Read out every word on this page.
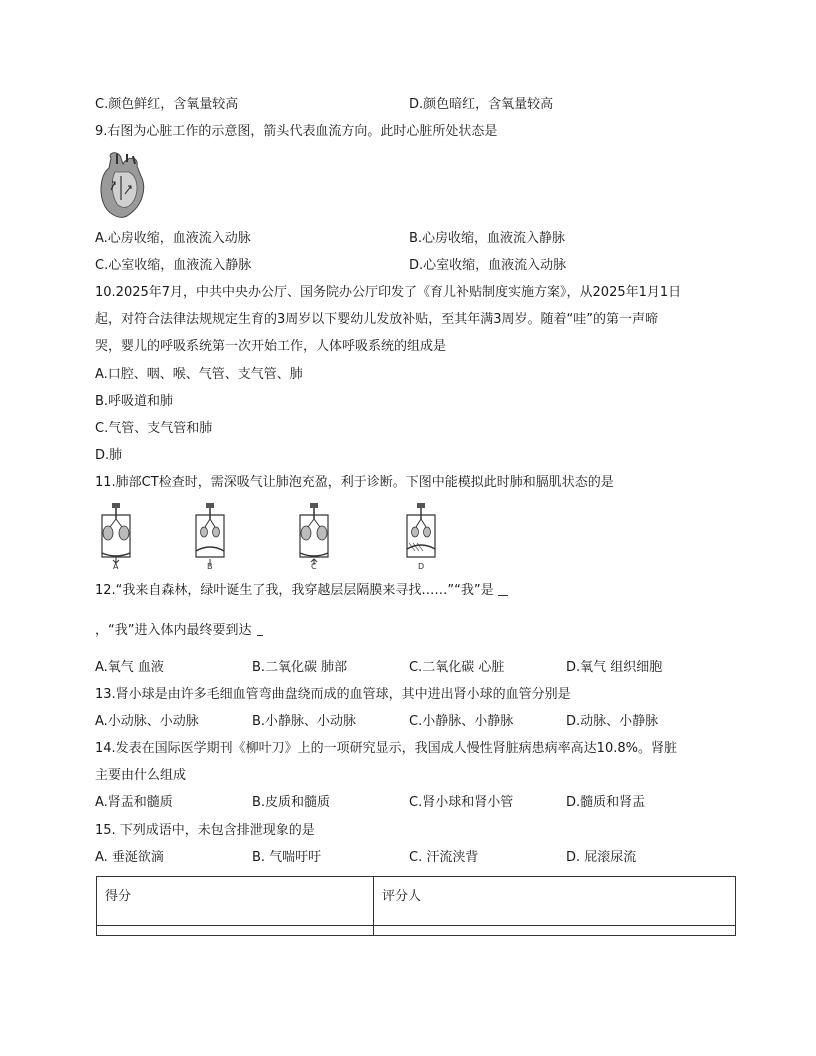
C.颜色鲜红，含氧量较高	D.颜色暗红，含氧量较高
9.右图为心脏工作的示意图，箭头代表血流方向。此时心脏所处状态是
A.心房收缩，血液流入动脉	B.心房收缩，血液流入静脉
C.心室收缩，血液流入静脉	D.心室收缩，血液流入动脉
10.2025年7月，中共中央办公厅、国务院办公厅印发了《育儿补贴制度实施方案》，从2025年1月1日
起，对符合法律法规规定生育的3周岁以下婴幼儿发放补贴，至其年满3周岁。随着“哇”的第一声啼
哭，婴儿的呼吸系统第一次开始工作，人体呼吸系统的组成是
A.口腔、咽、喉、气管、支气管、肺
B.呼吸道和肺
C.气管、支气管和肺
D.肺
11.肺部CT检查时，需深吸气让肺泡充盈，利于诊断。下图中能模拟此时肺和膈肌状态的是
A	B	C	D
12.“我来自森林，绿叶诞生了我，我穿越层层隔膜来寻找……”“我”是
，“我”进入体内最终要到达
A.氧气 血液	B.二氧化碳 肺部	C.二氧化碳 心脏	D.氧气 组织细胞
13.肾小球是由许多毛细血管弯曲盘绕而成的血管球，其中进出肾小球的血管分别是
A.小动脉、小动脉	B.小静脉、小动脉	C.小静脉、小静脉	D.动脉、小静脉
14.发表在国际医学期刊《柳叶刀》上的一项研究显示，我国成人慢性肾脏病患病率高达10.8%。肾脏
主要由什么组成
A.肾盂和髓质	B.皮质和髓质	C.肾小球和肾小管	D.髓质和肾盂
15. 下列成语中，未包含排泄现象的是
A. 垂涎欲滴	B. 气喘吁吁	C. 汗流浃背	D. 屁滚尿流
得分	评分人
